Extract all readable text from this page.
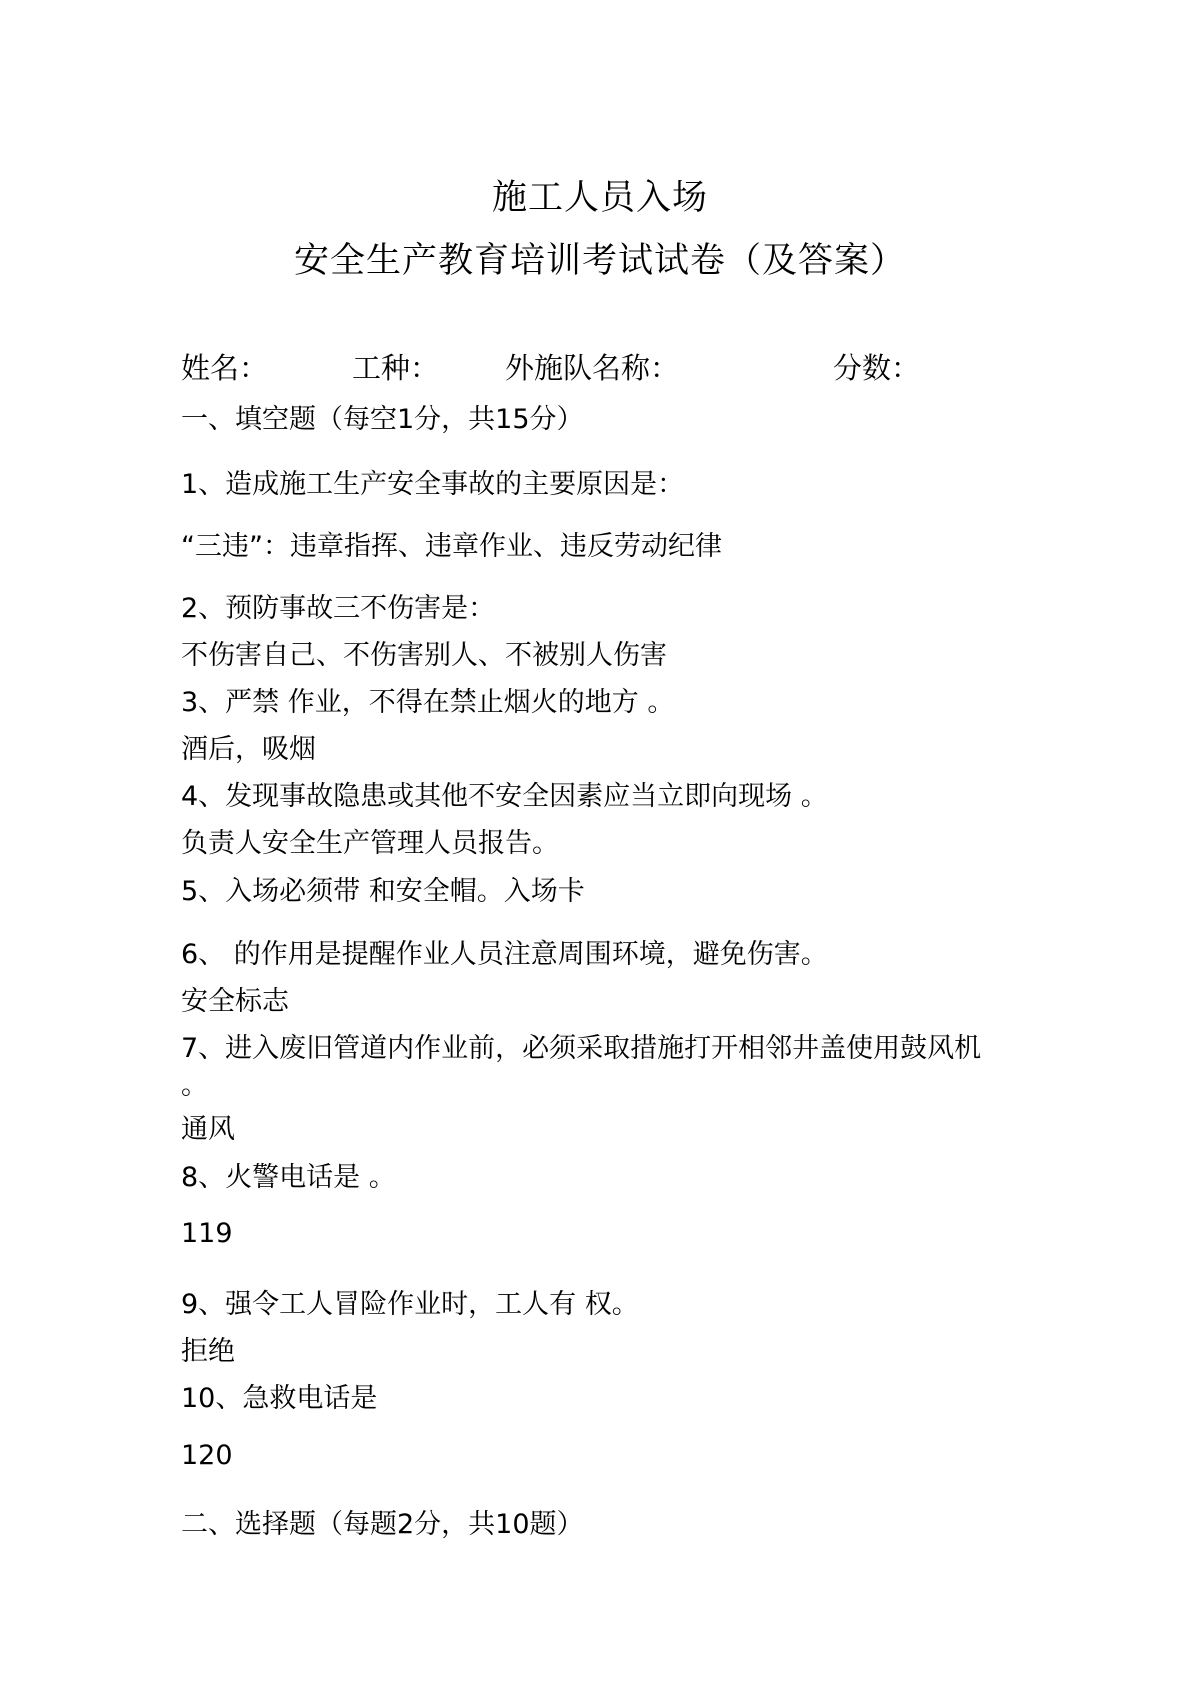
施工人员入场
安全生产教育培训考试试卷（及答案）
姓名：	工种： 外施队名称：	分数：
一、填空题（每空1分，共15分）
1、造成施工生产安全事故的主要原因是：
“三违”：违章指挥、违章作业、违反劳动纪律
2、预防事故三不伤害是：
不伤害自己、不伤害别人、不被别人伤害
3、严禁 作业，不得在禁止烟火的地方 。
酒后，吸烟
4、发现事故隐患或其他不安全因素应当立即向现场 。
负责人安全生产管理人员报告。
5、入场必须带 和安全帽。入场卡
6、 的作用是提醒作业人员注意周围环境，避免伤害。
安全标志
7、进入废旧管道内作业前，必须采取措施打开相邻井盖使用鼓风机
。
通风
8、火警电话是 。
119
9、强令工人冒险作业时，工人有 权。
拒绝
10、急救电话是
120
二、选择题（每题2分，共10题）
